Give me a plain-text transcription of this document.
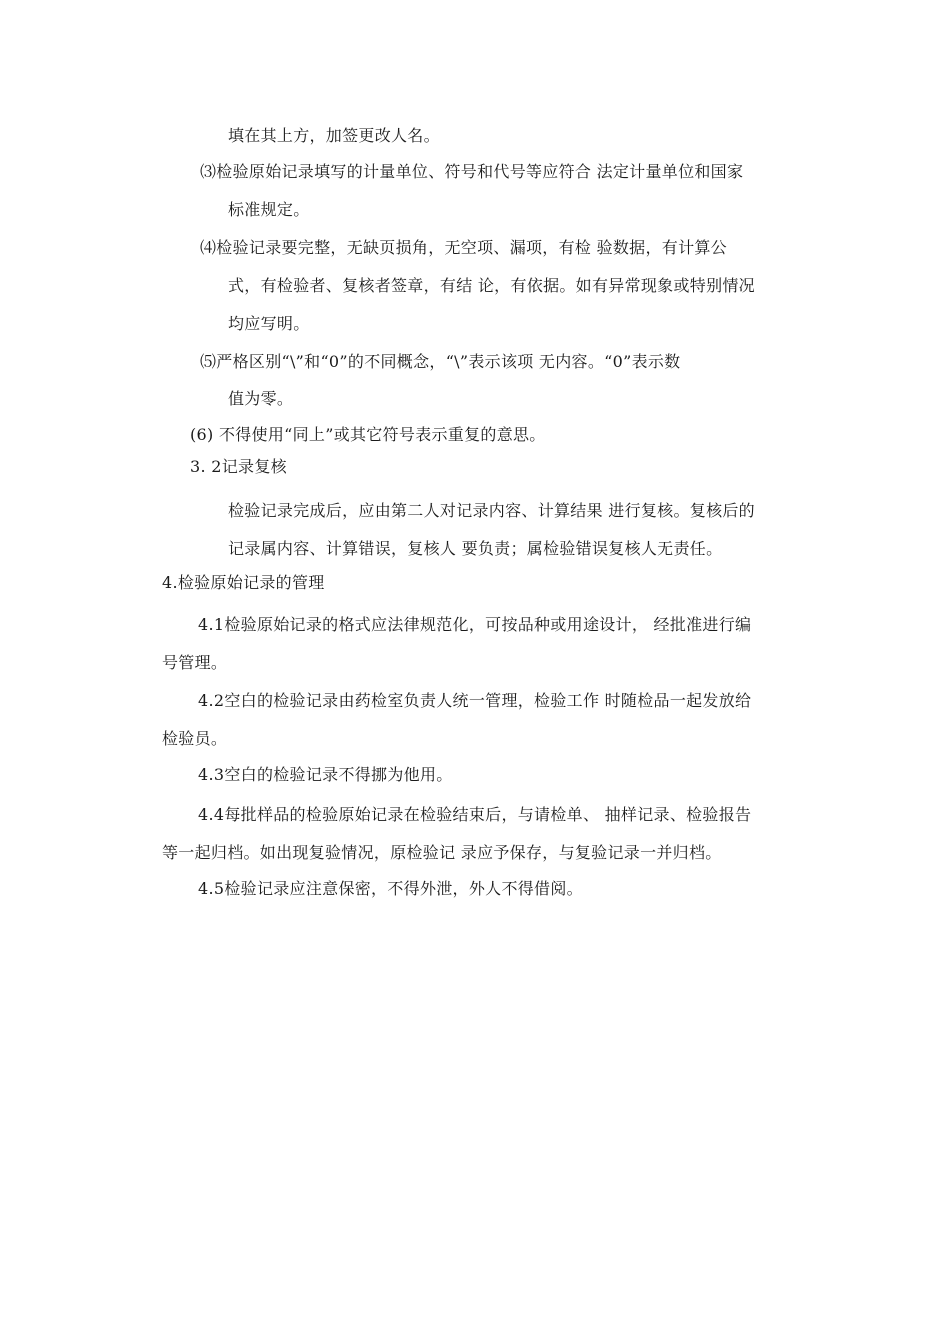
填在其上方，加签更改人名。
⑶检验原始记录填写的计量单位、符号和代号等应符合 法定计量单位和国家
标准规定。
⑷检验记录要完整，无缺页损角，无空项、漏项，有检 验数据，有计算公
式，有检验者、复核者签章，有结 论，有依据。如有异常现象或特别情况
均应写明。
⑸严格区别“\”和“0”的不同概念，“\”表示该项 无内容。“0”表示数
值为零。
(6) 不得使用“同上”或其它符号表示重复的意思。
3. 2记录复核
检验记录完成后，应由第二人对记录内容、计算结果 进行复核。复核后的
记录属内容、计算错误，复核人 要负责；属检验错误复核人无责任。
4.检验原始记录的管理
4.1检验原始记录的格式应法律规范化，可按品种或用途设计， 经批准进行编
号管理。
4.2空白的检验记录由药检室负责人统一管理，检验工作 时随检品一起发放给
检验员。
4.3空白的检验记录不得挪为他用。
4.4每批样品的检验原始记录在检验结束后，与请检单、 抽样记录、检验报告
等一起归档。如出现复验情况，原检验记 录应予保存，与复验记录一并归档。
4.5检验记录应注意保密，不得外泄，外人不得借阅。
